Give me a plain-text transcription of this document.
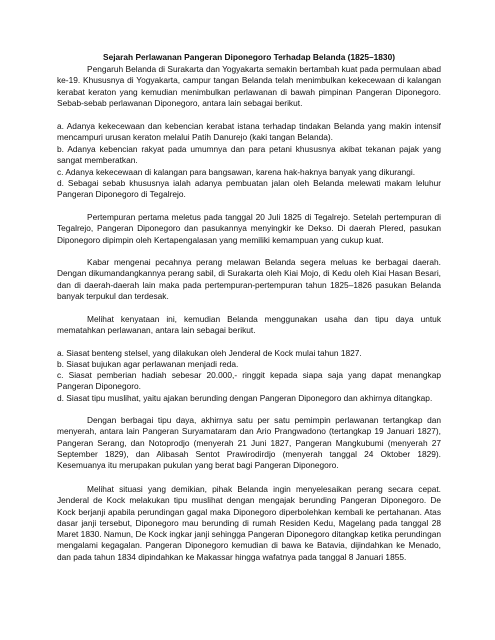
Sejarah Perlawanan Pangeran Diponegoro Terhadap Belanda (1825–1830)

Pengaruh Belanda di Surakarta dan Yogyakarta semakin bertambah kuat pada permulaan abad ke-19. Khususnya di Yogyakarta, campur tangan Belanda telah menimbulkan kekecewaan di kalangan kerabat keraton yang kemudian menimbulkan perlawanan di bawah pimpinan Pangeran Diponegoro. Sebab-sebab perlawanan Diponegoro, antara lain sebagai berikut.

a. Adanya kekecewaan dan kebencian kerabat istana terhadap tindakan Belanda yang makin intensif mencampuri urusan keraton melalui Patih Danurejo (kaki tangan Belanda).

b. Adanya kebencian rakyat pada umumnya dan para petani khususnya akibat tekanan pajak yang sangat memberatkan.

c. Adanya kekecewaan di kalangan para bangsawan, karena hak-haknya banyak yang dikurangi.

d. Sebagai sebab khususnya ialah adanya pembuatan jalan oleh Belanda melewati makam leluhur Pangeran Diponegoro di Tegalrejo.

Pertempuran pertama meletus pada tanggal 20 Juli 1825 di Tegalrejo. Setelah pertempuran di Tegalrejo, Pangeran Diponegoro dan pasukannya menyingkir ke Dekso. Di daerah Plered, pasukan Diponegoro dipimpin oleh Kertapengalasan yang memiliki kemampuan yang cukup kuat.

Kabar mengenai pecahnya perang melawan Belanda segera meluas ke berbagai daerah. Dengan dikumandangkannya perang sabil, di Surakarta oleh Kiai Mojo, di Kedu oleh Kiai Hasan Besari, dan di daerah-daerah lain maka pada pertempuran-pertempuran tahun 1825–1826 pasukan Belanda banyak terpukul dan terdesak.

Melihat kenyataan ini, kemudian Belanda menggunakan usaha dan tipu daya untuk mematahkan perlawanan, antara lain sebagai berikut.

a. Siasat benteng stelsel, yang dilakukan oleh Jenderal de Kock mulai tahun 1827.

b. Siasat bujukan agar perlawanan menjadi reda.

c. Siasat pemberian hadiah sebesar 20.000,- ringgit kepada siapa saja yang dapat menangkap Pangeran Diponegoro.

d. Siasat tipu muslihat, yaitu ajakan berunding dengan Pangeran Diponegoro dan akhirnya ditangkap.

Dengan berbagai tipu daya, akhirnya satu per satu pemimpin perlawanan tertangkap dan menyerah, antara lain Pangeran Suryamataram dan Ario Prangwadono (tertangkap 19 Januari 1827), Pangeran Serang, dan Notoprodjo (menyerah 21 Juni 1827, Pangeran Mangkubumi (menyerah 27 September 1829), dan Alibasah Sentot Prawirodirdjo (menyerah tanggal 24 Oktober 1829). Kesemuanya itu merupakan pukulan yang berat bagi Pangeran Diponegoro.

Melihat situasi yang demikian, pihak Belanda ingin menyelesaikan perang secara cepat. Jenderal de Kock melakukan tipu muslihat dengan mengajak berunding Pangeran Diponegoro. De Kock berjanji apabila perundingan gagal maka Diponegoro diperbolehkan kembali ke pertahanan. Atas dasar janji tersebut, Diponegoro mau berunding di rumah Residen Kedu, Magelang pada tanggal 28 Maret 1830. Namun, De Kock ingkar janji sehingga Pangeran Diponegoro ditangkap ketika perundingan mengalami kegagalan. Pangeran Diponegoro kemudian di bawa ke Batavia, dijindahkan ke Menado, dan pada tahun 1834 dipindahkan ke Makassar hingga wafatnya pada tanggal 8 Januari 1855.
